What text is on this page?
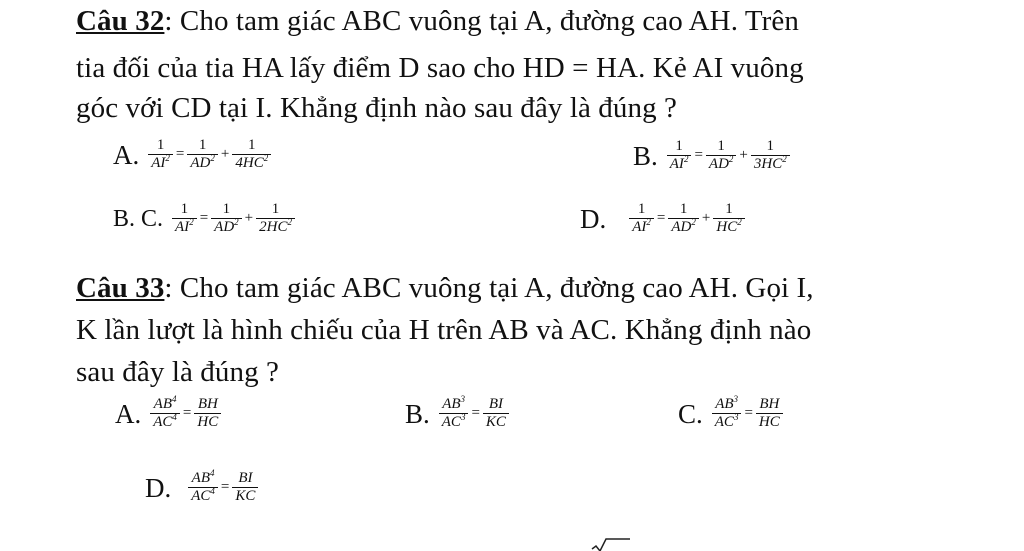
Câu 32: Cho tam giác ABC vuông tại A, đường cao AH. Trên
tia đối của tia HA lấy điểm D sao cho HD = HA. Kẻ AI vuông
góc với CD tại I. Khẳng định nào sau đây là đúng ?
A. $\frac{1}{AI^2} = \frac{1}{AD^2} + \frac{1}{4HC^2}$	B. $\frac{1}{AI^2} = \frac{1}{AD^2} + \frac{1}{3HC^2}$
B. C. $\frac{1}{AI^2} = \frac{1}{AD^2} + \frac{1}{2HC^2}$	D. $\frac{1}{AI^2} = \frac{1}{AD^2} + \frac{1}{HC^2}$
Câu 33: Cho tam giác ABC vuông tại A, đường cao AH. Gọi I,
K lần lượt là hình chiếu của H trên AB và AC. Khẳng định nào
sau đây là đúng ?
A. $\frac{AB^4}{AC^4} = \frac{BH}{HC}$	B. $\frac{AB^3}{AC^3} = \frac{BI}{KC}$	C. $\frac{AB^3}{AC^3} = \frac{BH}{HC}$
D. $\frac{AB^4}{AC^4} = \frac{BI}{KC}$
